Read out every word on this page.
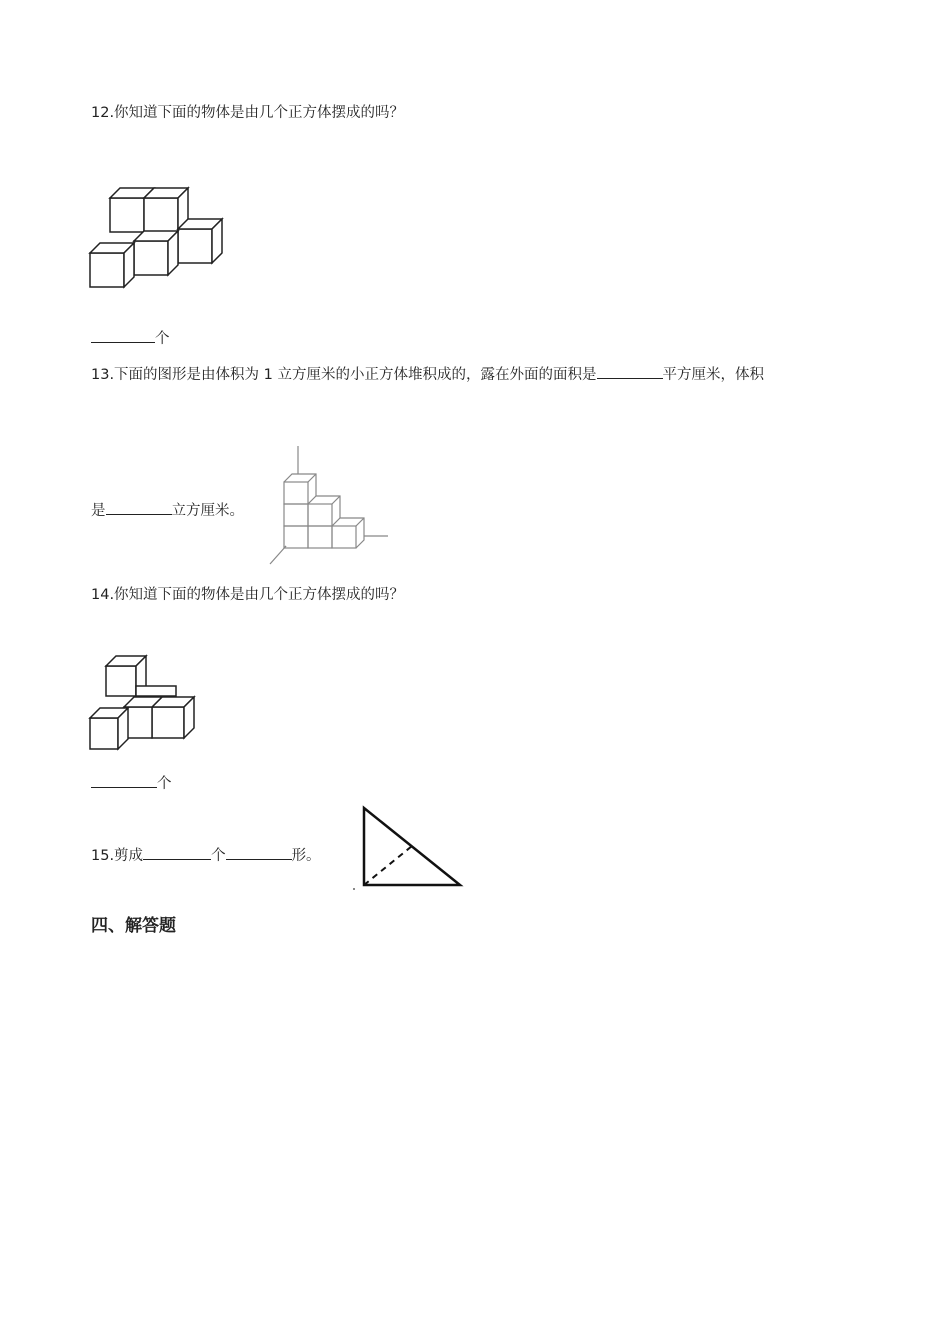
12.你知道下面的物体是由几个正方体摆成的吗？
个
13.下面的图形是由体积为 1 立方厘米的小正方体堆积成的，露在外面的面积是	平方厘米，体积
是	立方厘米。
14.你知道下面的物体是由几个正方体摆成的吗？
个
15.剪成	个	形。
四、解答题
